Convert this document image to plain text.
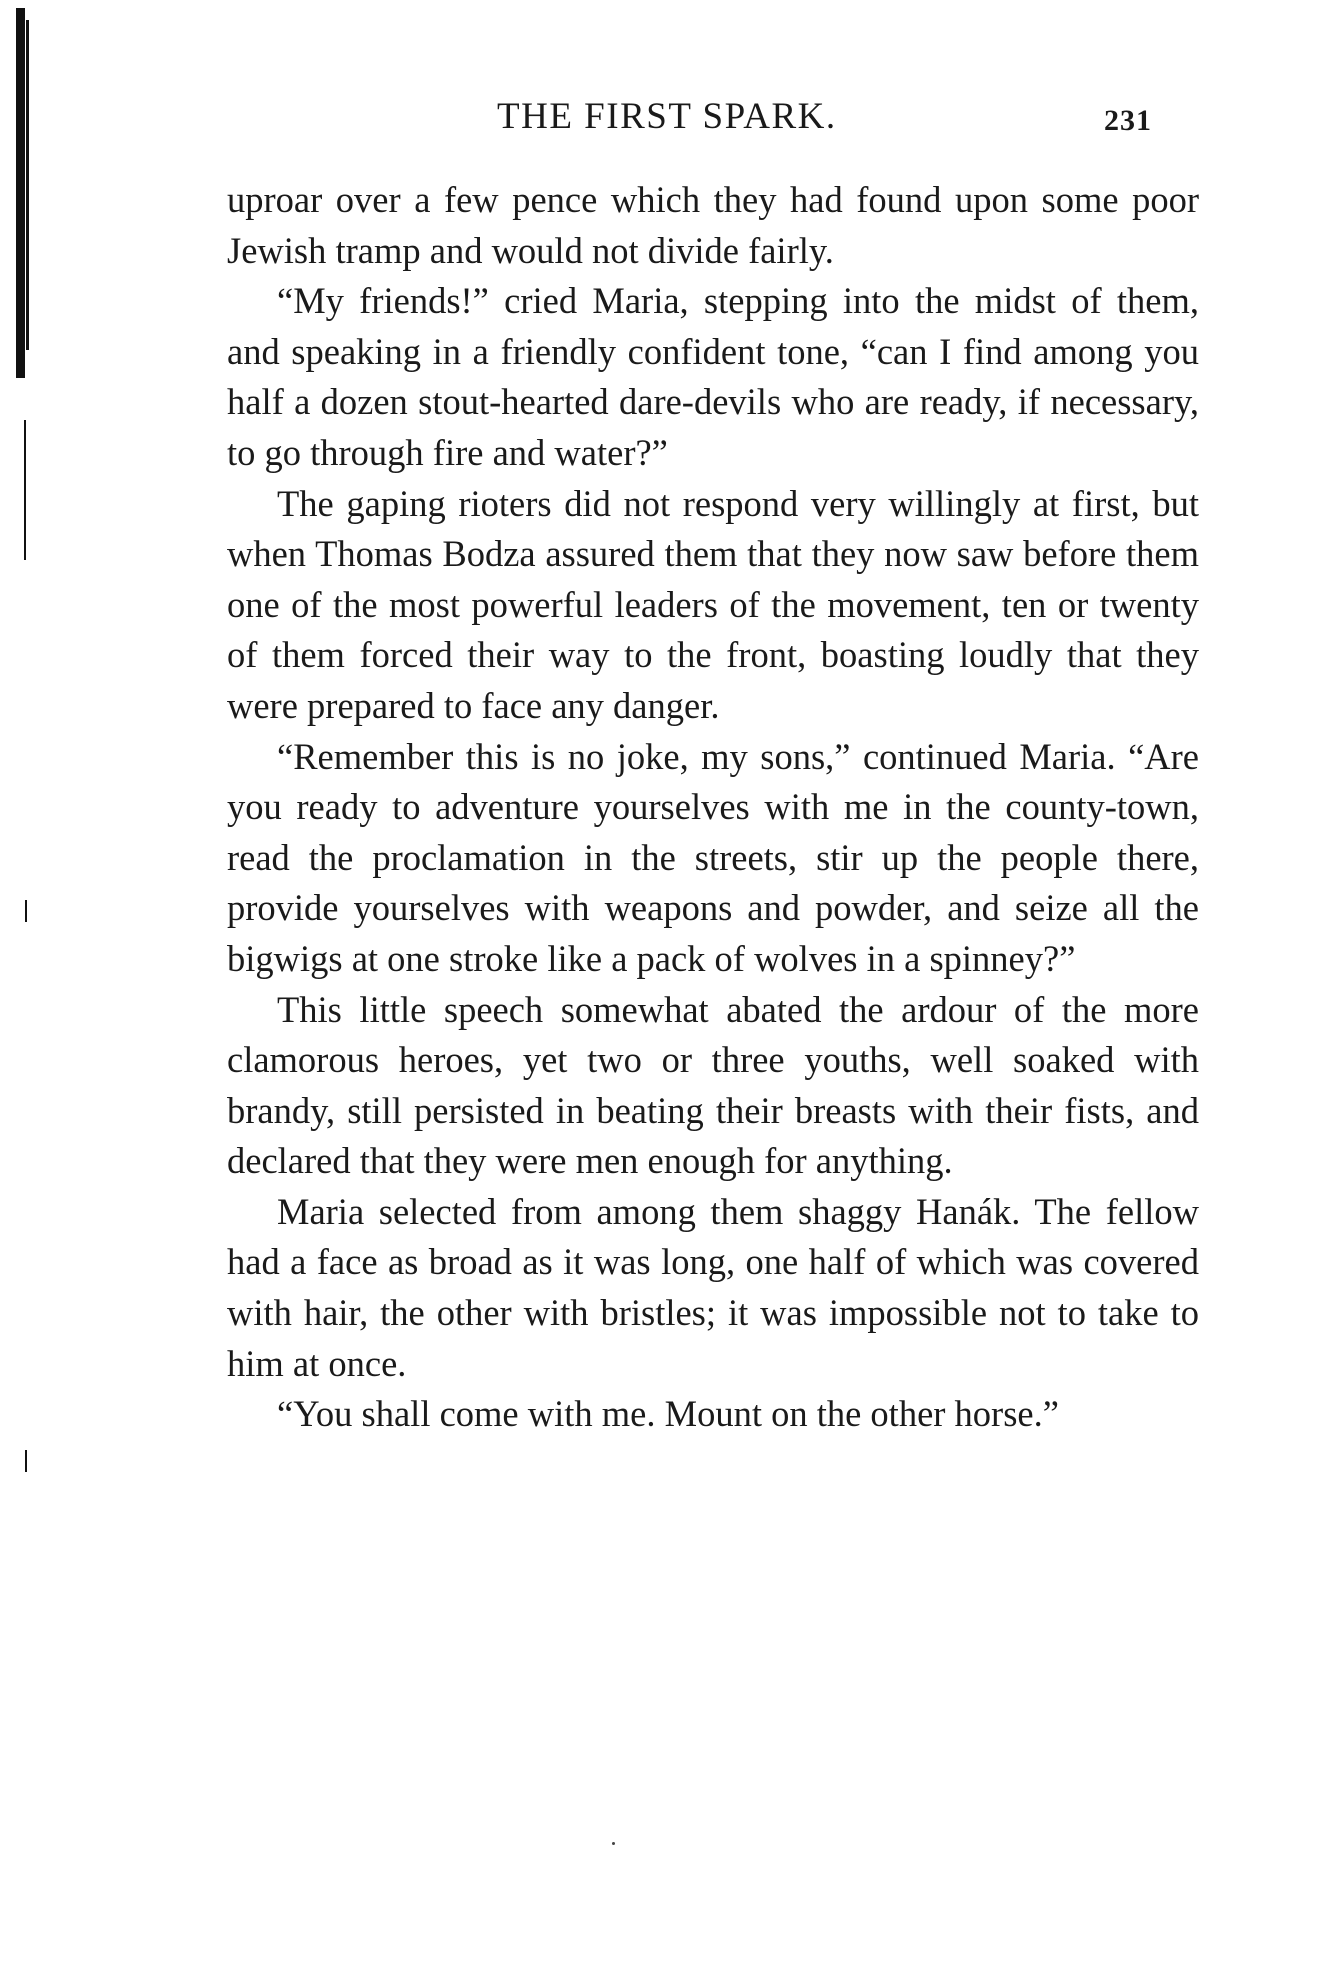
THE FIRST SPARK.	231

uproar over a few pence which they had found upon some poor Jewish tramp and would not divide fairly.

“My friends!” cried Maria, stepping into the midst of them, and speaking in a friendly confident tone, “can I find among you half a dozen stout-hearted dare-devils who are ready, if necessary, to go through fire and water?”

The gaping rioters did not respond very willingly at first, but when Thomas Bodza assured them that they now saw before them one of the most powerful leaders of the movement, ten or twenty of them forced their way to the front, boasting loudly that they were prepared to face any danger.

“Remember this is no joke, my sons,” continued Maria. “Are you ready to adventure yourselves with me in the county-town, read the proclamation in the streets, stir up the people there, provide yourselves with weapons and powder, and seize all the bigwigs at one stroke like a pack of wolves in a spinney?”

This little speech somewhat abated the ardour of the more clamorous heroes, yet two or three youths, well soaked with brandy, still persisted in beating their breasts with their fists, and declared that they were men enough for anything.

Maria selected from among them shaggy Hanák. The fellow had a face as broad as it was long, one half of which was covered with hair, the other with bristles; it was impossible not to take to him at once.

“You shall come with me. Mount on the other horse.”
